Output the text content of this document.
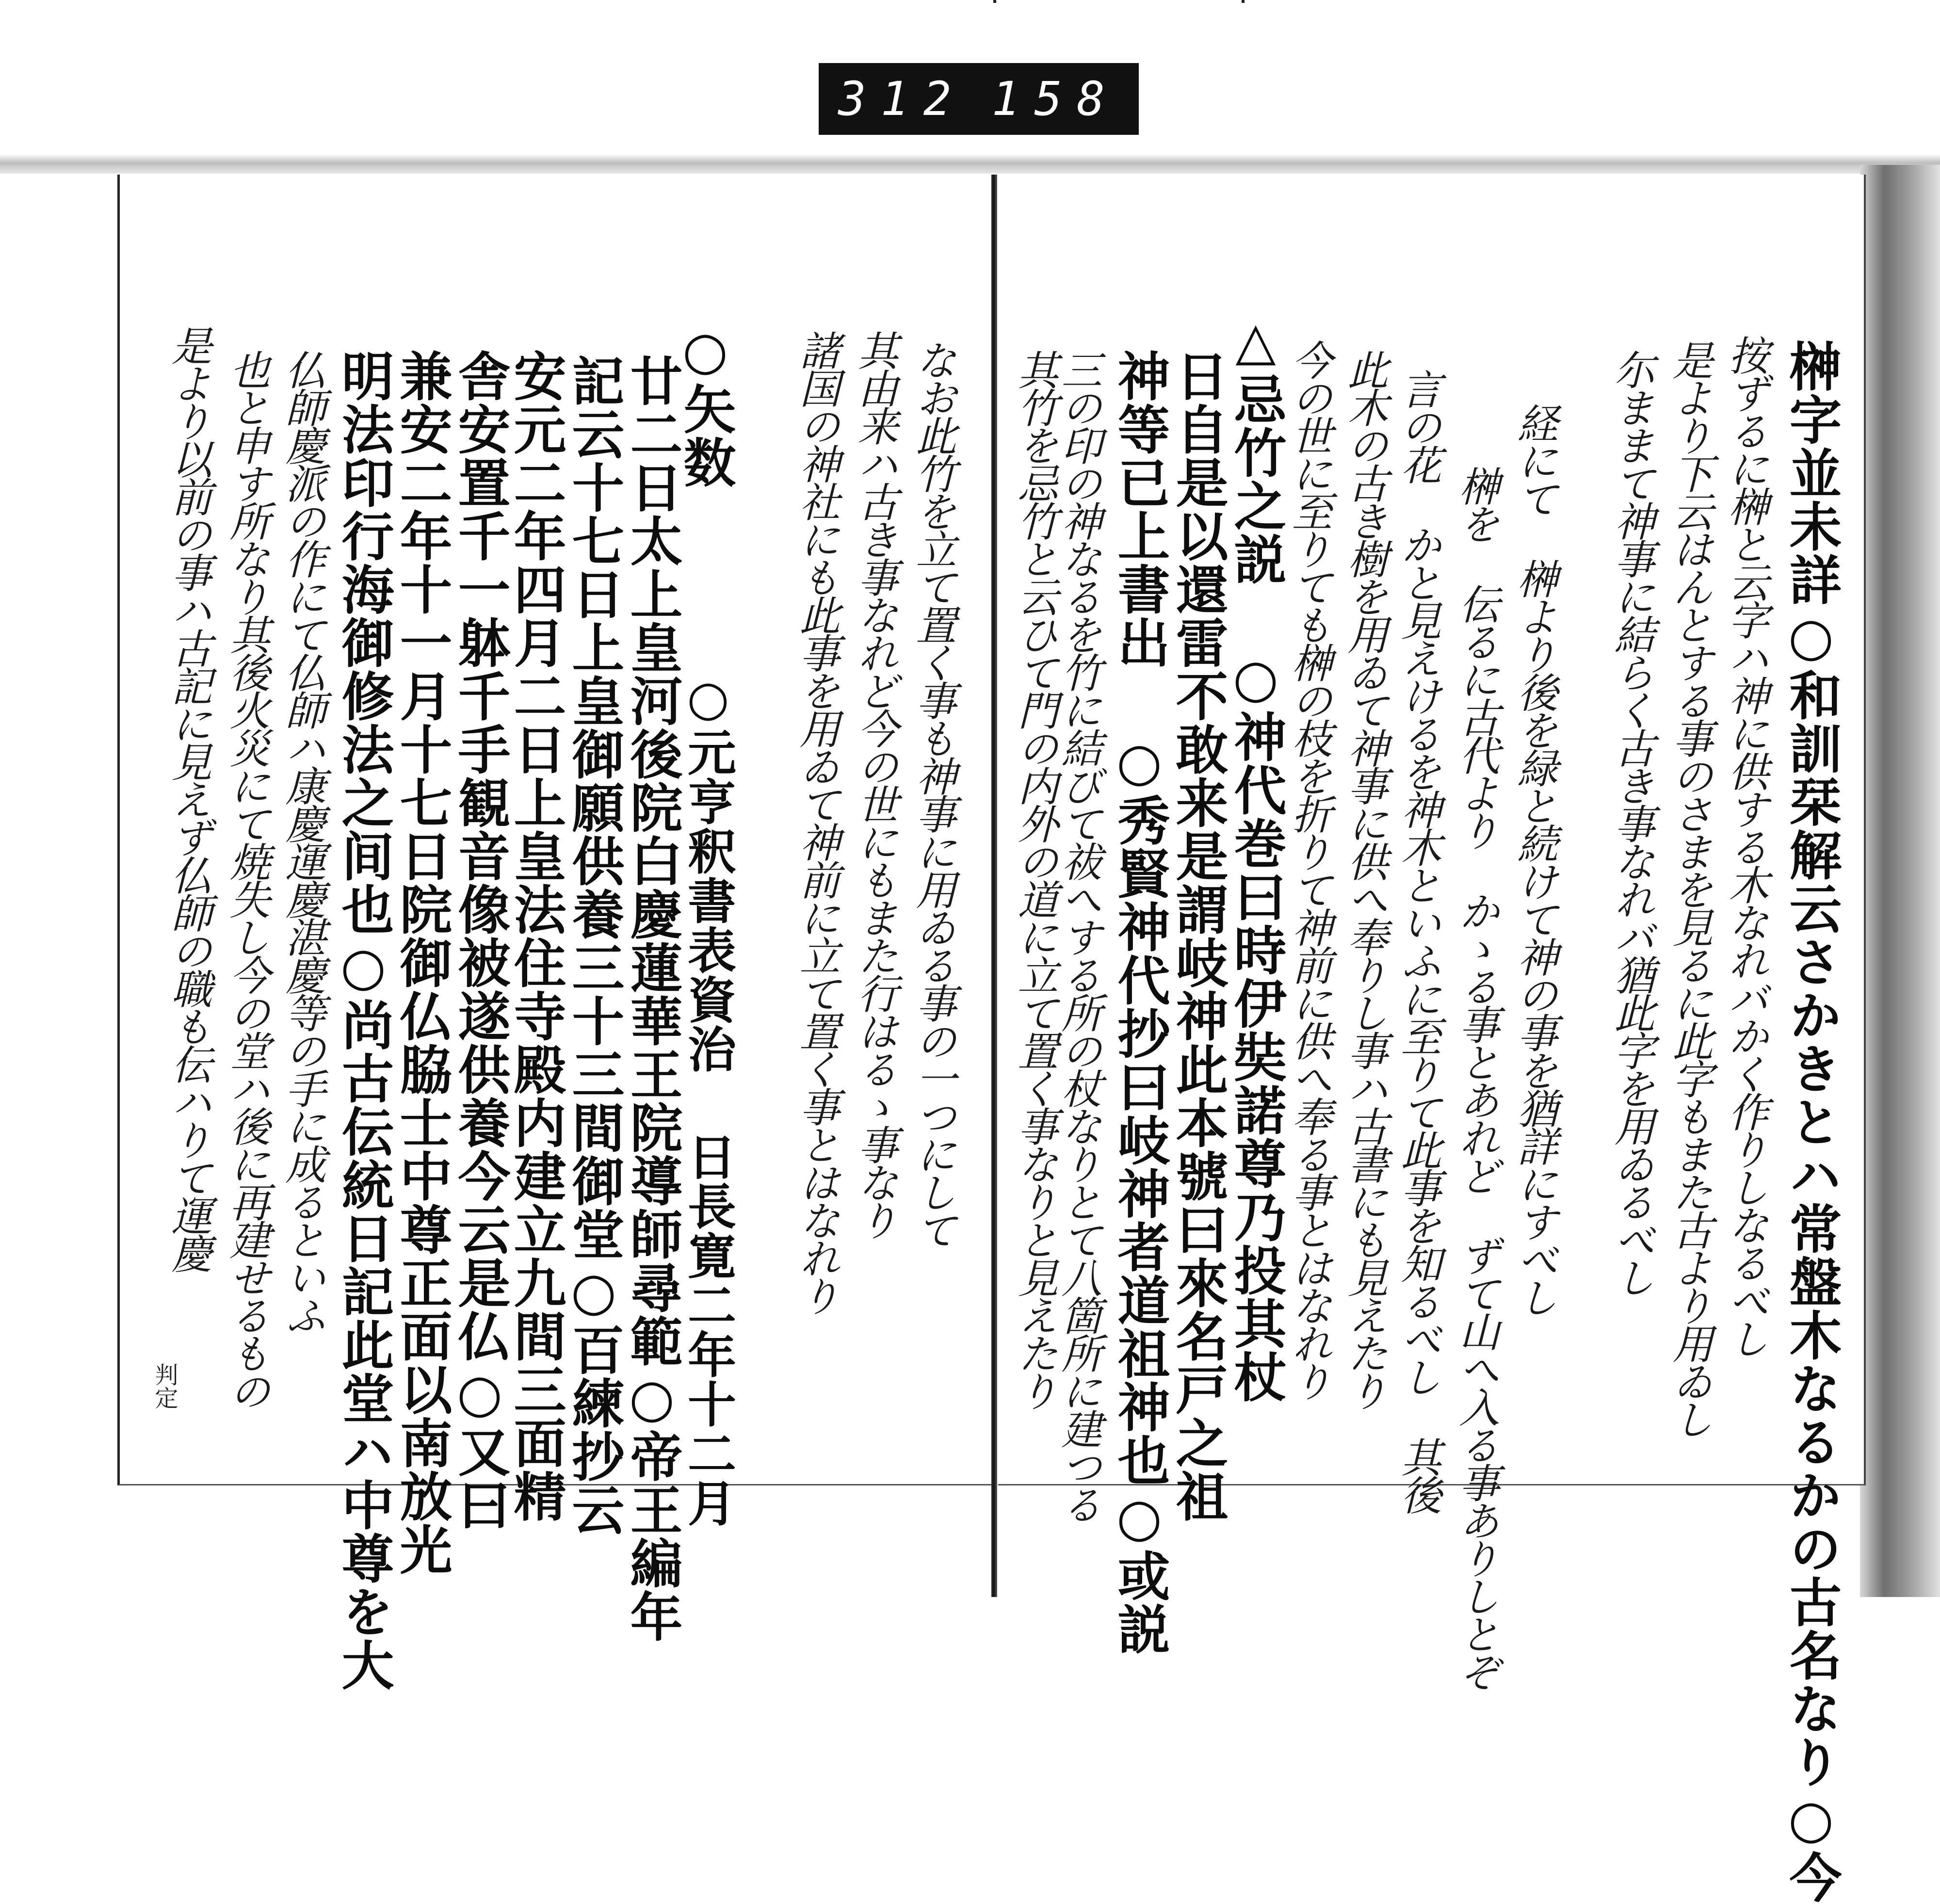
312 158
榊字並未詳○和訓栞解云さかきとハ常盤木なるかの古名なり○今
按ずるに榊と云字ハ神に供する木なれバかく作りしなるべし
是より下云はんとする事のさまを見るに此字もまた古より用ゐし
尓ままて神事に結らく古き事なれバ猶此字を用ゐるべし
経にて 榊より後を緑と続けて神の事を猶詳にすべし
榊を 伝るに古代より かゝる事とあれど ずて山へ入る事ありしとぞ
言の花 かと見えけるを神木といふに至りて此事を知るべし 其後
此木の古き樹を用ゐて神事に供へ奉りし事ハ古書にも見えたり
今の世に至りても榊の枝を折りて神前に供へ奉る事とはなれり
△忌竹之説 ○神代巻曰時伊奘諾尊乃投其杖
日自是以還雷不敢来是謂岐神此本號曰來名戸之祖
神等已上書出 ○秀賢神代抄曰岐神者道祖神也○或説
三の印の神なるを竹に結びて祓へする所の杖なりとて八箇所に建つる
其竹を忌竹と云ひて門の内外の道に立て置く事なりと見えたり
なお此竹を立て置く事も神事に用ゐる事の一つにして
其由来ハ古き事なれど今の世にもまた行はるゝ事なり
諸国の神社にも此事を用ゐて神前に立て置く事とはなれり
○矢数
廿二日太上皇河後院白慶蓮華王院導師尋範○帝王編年
記云十七日上皇御願供養三十三間御堂○百練抄云
安元二年四月二日上皇法住寺殿内建立九間三面精
舎安置千一躰千手観音像被遂供養今云是仏○又曰
兼安二年十一月十七日院御仏脇士中尊正面以南放光
明法印行海御修法之间也○尚古伝統日記此堂ハ中尊を大
仏師慶派の作にて仏師ハ康慶運慶湛慶等の手に成るといふ
也と申す所なり其後火災にて焼失し今の堂ハ後に再建せるもの
是より以前の事ハ古記に見えず仏師の職も伝ハりて運慶	○元亨釈書表資治 日長寛二年十二月
判定
